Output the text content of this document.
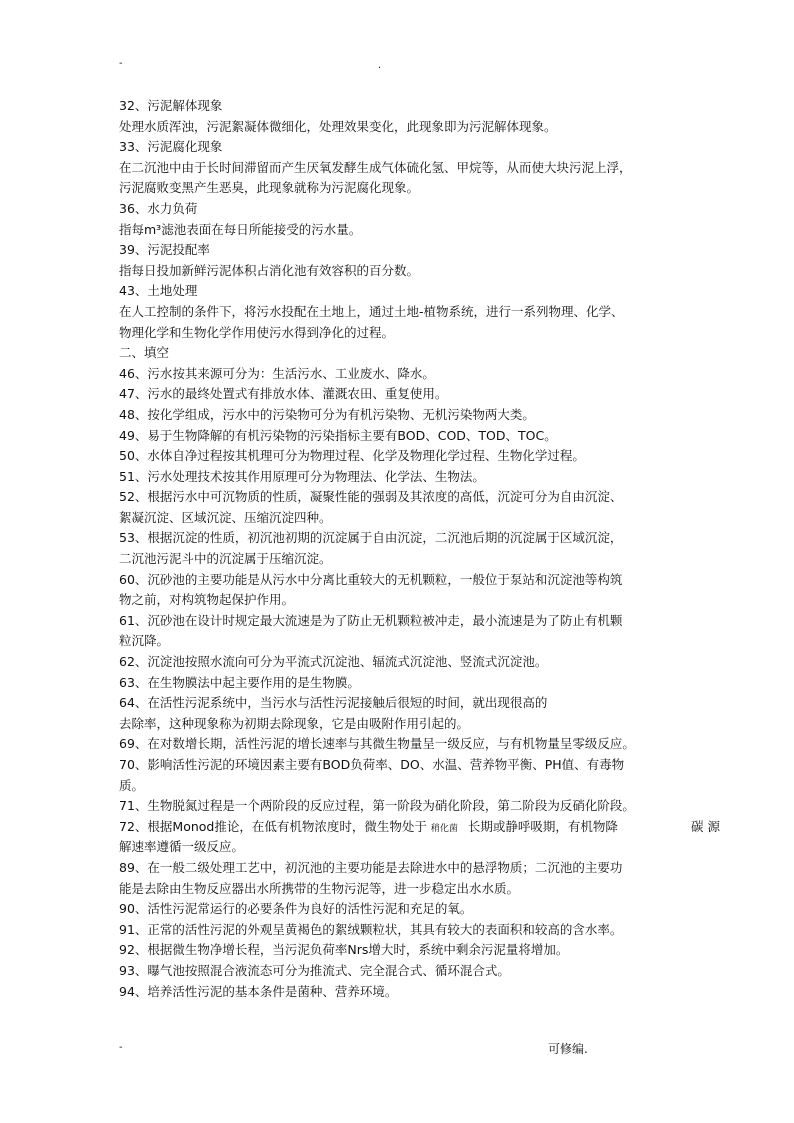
-	.
32、污泥解体现象
处理水质浑浊，污泥絮凝体微细化，处理效果变化，此现象即为污泥解体现象。
33、污泥腐化现象
在二沉池中由于长时间滞留而产生厌氧发酵生成气体硫化氢、甲烷等，从而使大块污泥上浮，
污泥腐败变黑产生恶臭，此现象就称为污泥腐化现象。
36、水力负荷
指每m³滤池表面在每日所能接受的污水量。
39、污泥投配率
指每日投加新鲜污泥体积占消化池有效容积的百分数。
43、土地处理
在人工控制的条件下，将污水投配在土地上，通过土地-植物系统，进行一系列物理、化学、
物理化学和生物化学作用使污水得到净化的过程。
二、填空
46、污水按其来源可分为：生活污水、工业废水、降水。
47、污水的最终处置式有排放水体、灌溉农田、重复使用。
48、按化学组成，污水中的污染物可分为有机污染物、无机污染物两大类。
49、易于生物降解的有机污染物的污染指标主要有BOD、COD、TOD、TOC。
50、水体自净过程按其机理可分为物理过程、化学及物理化学过程、生物化学过程。
51、污水处理技术按其作用原理可分为物理法、化学法、生物法。
52、根据污水中可沉物质的性质，凝聚性能的强弱及其浓度的高低，沉淀可分为自由沉淀、
絮凝沉淀、区域沉淀、压缩沉淀四种。
53、根据沉淀的性质，初沉池初期的沉淀属于自由沉淀，二沉池后期的沉淀属于区域沉淀，
二沉池污泥斗中的沉淀属于压缩沉淀。
60、沉砂池的主要功能是从污水中分离比重较大的无机颗粒，一般位于泵站和沉淀池等构筑
物之前，对构筑物起保护作用。
61、沉砂池在设计时规定最大流速是为了防止无机颗粒被冲走，最小流速是为了防止有机颗
粒沉降。
62、沉淀池按照水流向可分为平流式沉淀池、辐流式沉淀池、竖流式沉淀池。
63、在生物膜法中起主要作用的是生物膜。
64、在活性污泥系统中，当污水与活性污泥接触后很短的时间，就出现很高的
去除率，这种现象称为初期去除现象，它是由吸附作用引起的。
69、在对数增长期，活性污泥的增长速率与其微生物量呈一级反应，与有机物量呈零级反应。
70、影响活性污泥的环境因素主要有BOD负荷率、DO、水温、营养物平衡、PH值、有毒物
质。
71、生物脱氮过程是一个两阶段的反应过程，第一阶段为硝化阶段，第二阶段为反硝化阶段。
72、根据Monod推论，在低有机物浓度时，微生物处于 稍化菌 长期或静呼吸期，有机物降	碳 源
解速率遵循一级反应。
89、在一般二级处理工艺中，初沉池的主要功能是去除进水中的悬浮物质；二沉池的主要功
能是去除由生物反应器出水所携带的生物污泥等，进一步稳定出水水质。
90、活性污泥常运行的必要条件为良好的活性污泥和充足的氧。
91、正常的活性污泥的外观呈黄褐色的絮绒颗粒状，其具有较大的表面积和较高的含水率。
92、根据微生物净增长程，当污泥负荷率Nrs增大时，系统中剩余污泥量将增加。
93、曝气池按照混合液流态可分为推流式、完全混合式、循环混合式。
94、培养活性污泥的基本条件是菌种、营养环境。
-	可修编.
